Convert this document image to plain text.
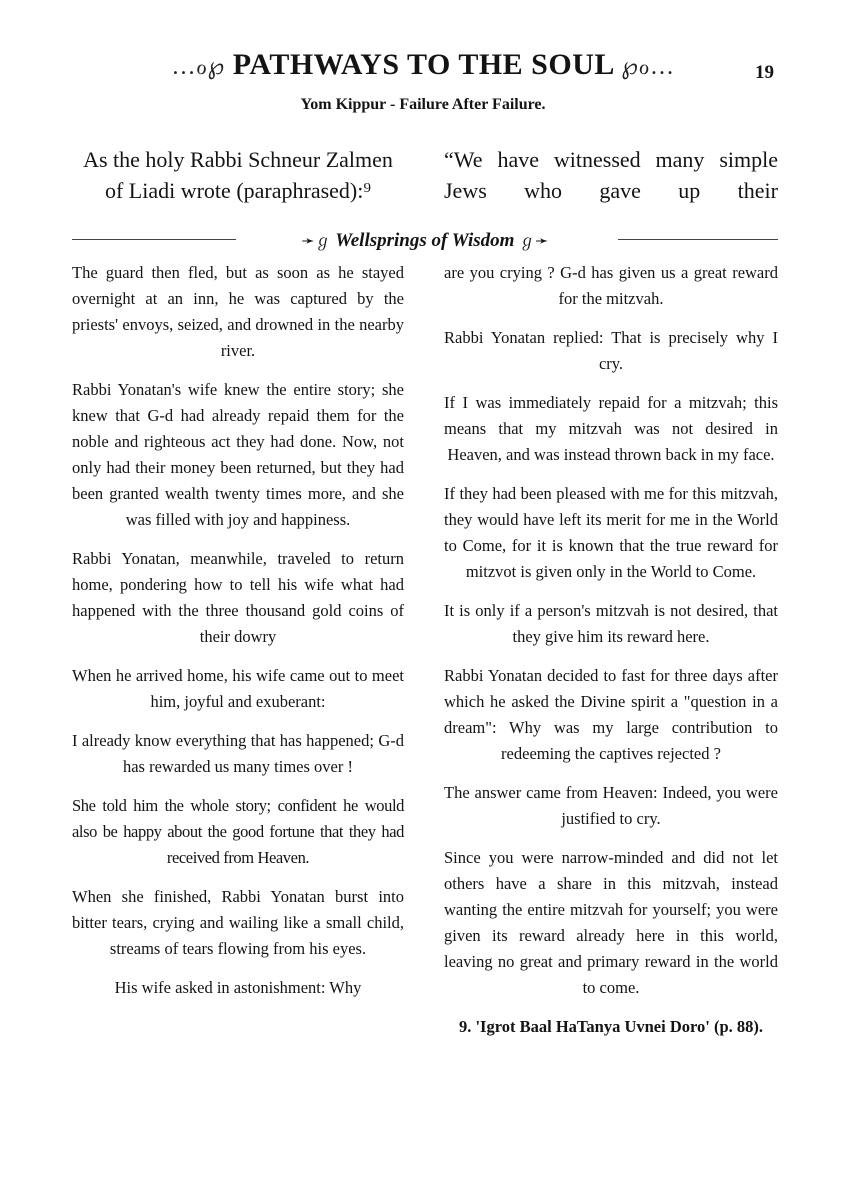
…ℴ℘ PATHWAYS TO THE SOUL ℘ℴ…	19
Yom Kippur - Failure After Failure.
As the holy Rabbi Schneur Zalmen of Liadi wrote (paraphrased):⁹
“We have witnessed many simple Jews who gave up their
➛ℊ Wellsprings of Wisdom ℊ➛

The guard then fled, but as soon as he stayed overnight at an inn, he was captured by the priests' envoys, seized, and drowned in the nearby river.

Rabbi Yonatan's wife knew the entire story; she knew that G-d had already repaid them for the noble and righteous act they had done. Now, not only had their money been returned, but they had been granted wealth twenty times more, and she was filled with joy and happiness.

Rabbi Yonatan, meanwhile, traveled to return home, pondering how to tell his wife what had happened with the three thousand gold coins of their dowry

When he arrived home, his wife came out to meet him, joyful and exuberant:

I already know everything that has happened; G-d has rewarded us many times over !

She told him the whole story; confident he would also be happy about the good fortune that they had received from Heaven.

When she finished, Rabbi Yonatan burst into bitter tears, crying and wailing like a small child, streams of tears flowing from his eyes.

His wife asked in astonishment: Why

are you crying ? G-d has given us a great reward for the mitzvah.

Rabbi Yonatan replied: That is precisely why I cry.

If I was immediately repaid for a mitzvah; this means that my mitzvah was not desired in Heaven, and was instead thrown back in my face.

If they had been pleased with me for this mitzvah, they would have left its merit for me in the World to Come, for it is known that the true reward for mitzvot is given only in the World to Come.

It is only if a person's mitzvah is not desired, that they give him its reward here.

Rabbi Yonatan decided to fast for three days after which he asked the Divine spirit a "question in a dream": Why was my large contribution to redeeming the captives rejected ?

The answer came from Heaven: Indeed, you were justified to cry.

Since you were narrow-minded and did not let others have a share in this mitzvah, instead wanting the entire mitzvah for yourself; you were given its reward already here in this world, leaving no great and primary reward in the world to come.

9. 'Igrot Baal HaTanya Uvnei Doro' (p. 88).
